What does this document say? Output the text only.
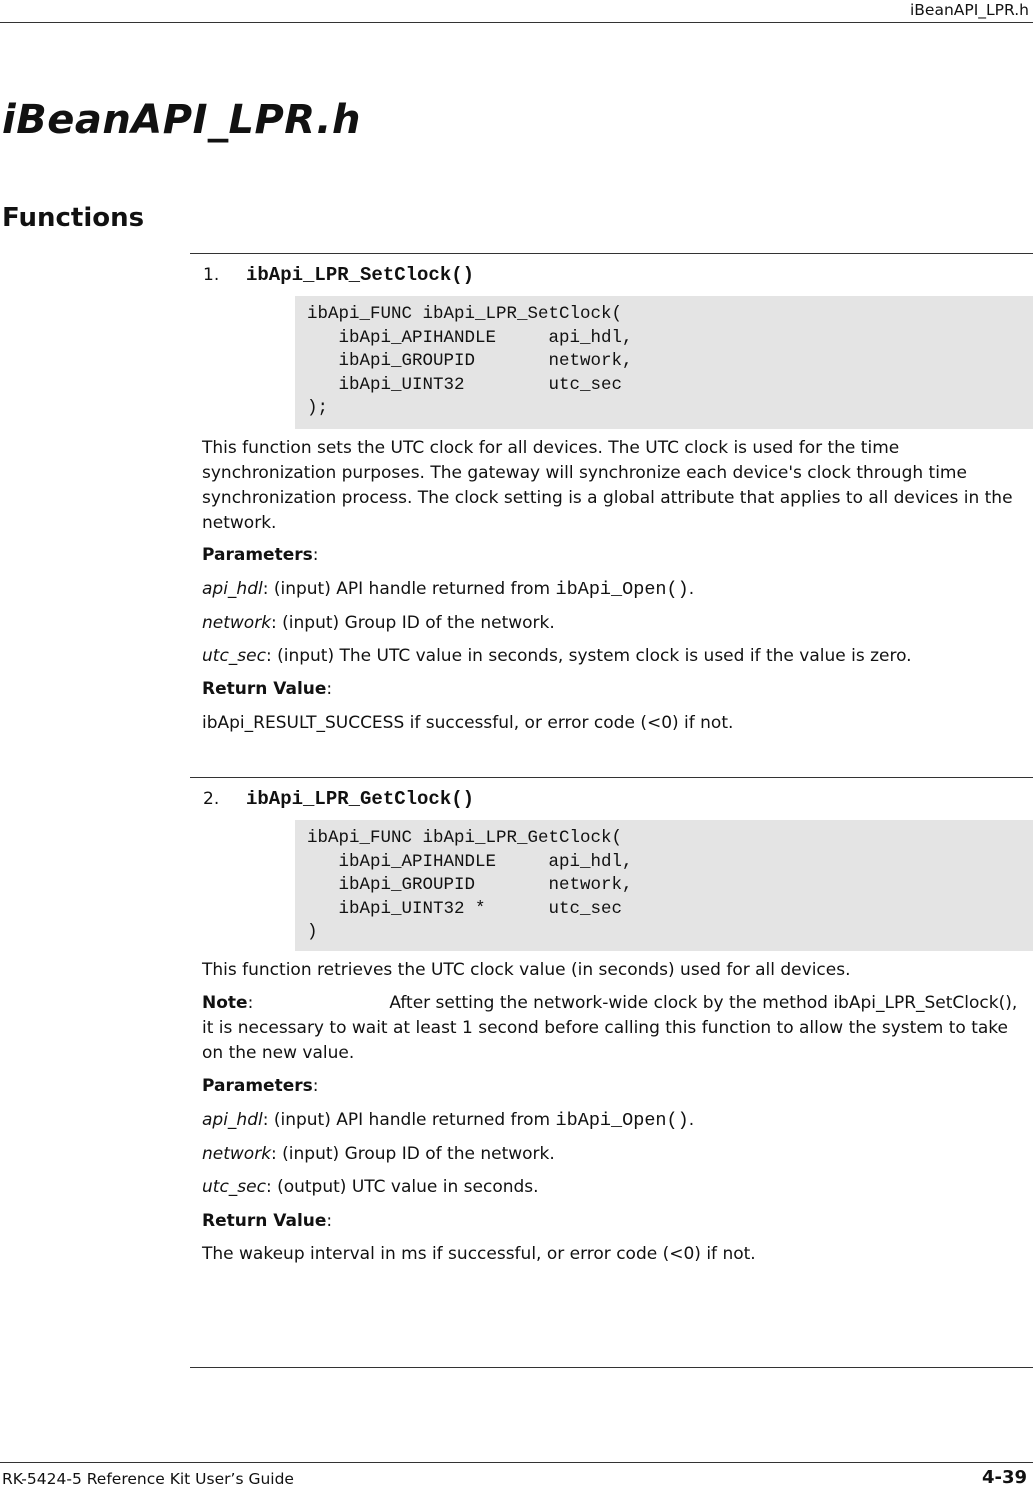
iBeanAPI_LPR.h
iBeanAPI_LPR.h
Functions
1. ibApi_LPR_SetClock()
ibApi_FUNC ibApi_LPR_SetClock(
ibApi_APIHANDLE     api_hdl,
ibApi_GROUPID       network,
ibApi_UINT32        utc_sec
);

This function sets the UTC clock for all devices. The UTC clock is used for the time synchronization purposes. The gateway will synchronize each device's clock through time synchronization process. The clock setting is a global attribute that applies to all devices in the network.

Parameters:

api_hdl: (input) API handle returned from ibApi_Open().

network: (input) Group ID of the network.

utc_sec: (input) The UTC value in seconds, system clock is used if the value is zero.

Return Value:

ibApi_RESULT_SUCCESS if successful, or error code (<0) if not.

2. ibApi_LPR_GetClock()
ibApi_FUNC ibApi_LPR_GetClock(
ibApi_APIHANDLE     api_hdl,
ibApi_GROUPID       network,
ibApi_UINT32 *      utc_sec
)

This function retrieves the UTC clock value (in seconds) used for all devices.

Note:	After setting the network-wide clock by the method ibApi_LPR_SetClock(), it is necessary to wait at least 1 second before calling this function to allow the system to take on the new value.

Parameters:

api_hdl: (input) API handle returned from ibApi_Open().

network: (input) Group ID of the network.

utc_sec: (output) UTC value in seconds.

Return Value:

The wakeup interval in ms if successful, or error code (<0) if not.

RK-5424-5 Reference Kit User’s Guide	4-39
